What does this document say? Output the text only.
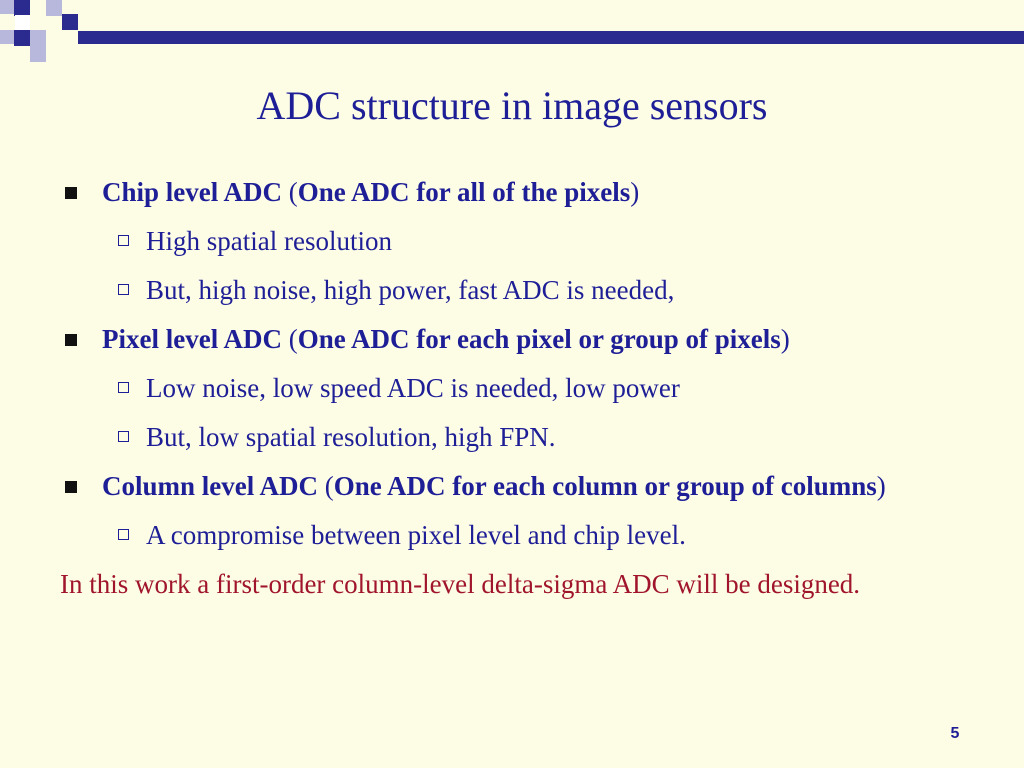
ADC structure in image sensors
Chip level ADC (One ADC for all of the pixels)
High spatial resolution
But, high noise, high power, fast ADC is needed,
Pixel level ADC (One ADC for each pixel or group of pixels)
Low noise, low speed ADC is needed, low power
But, low spatial resolution, high FPN.
Column level ADC (One ADC for each column or group of columns)
A compromise between pixel level and chip level.
In this work a first-order column-level delta-sigma ADC will be designed.
5
